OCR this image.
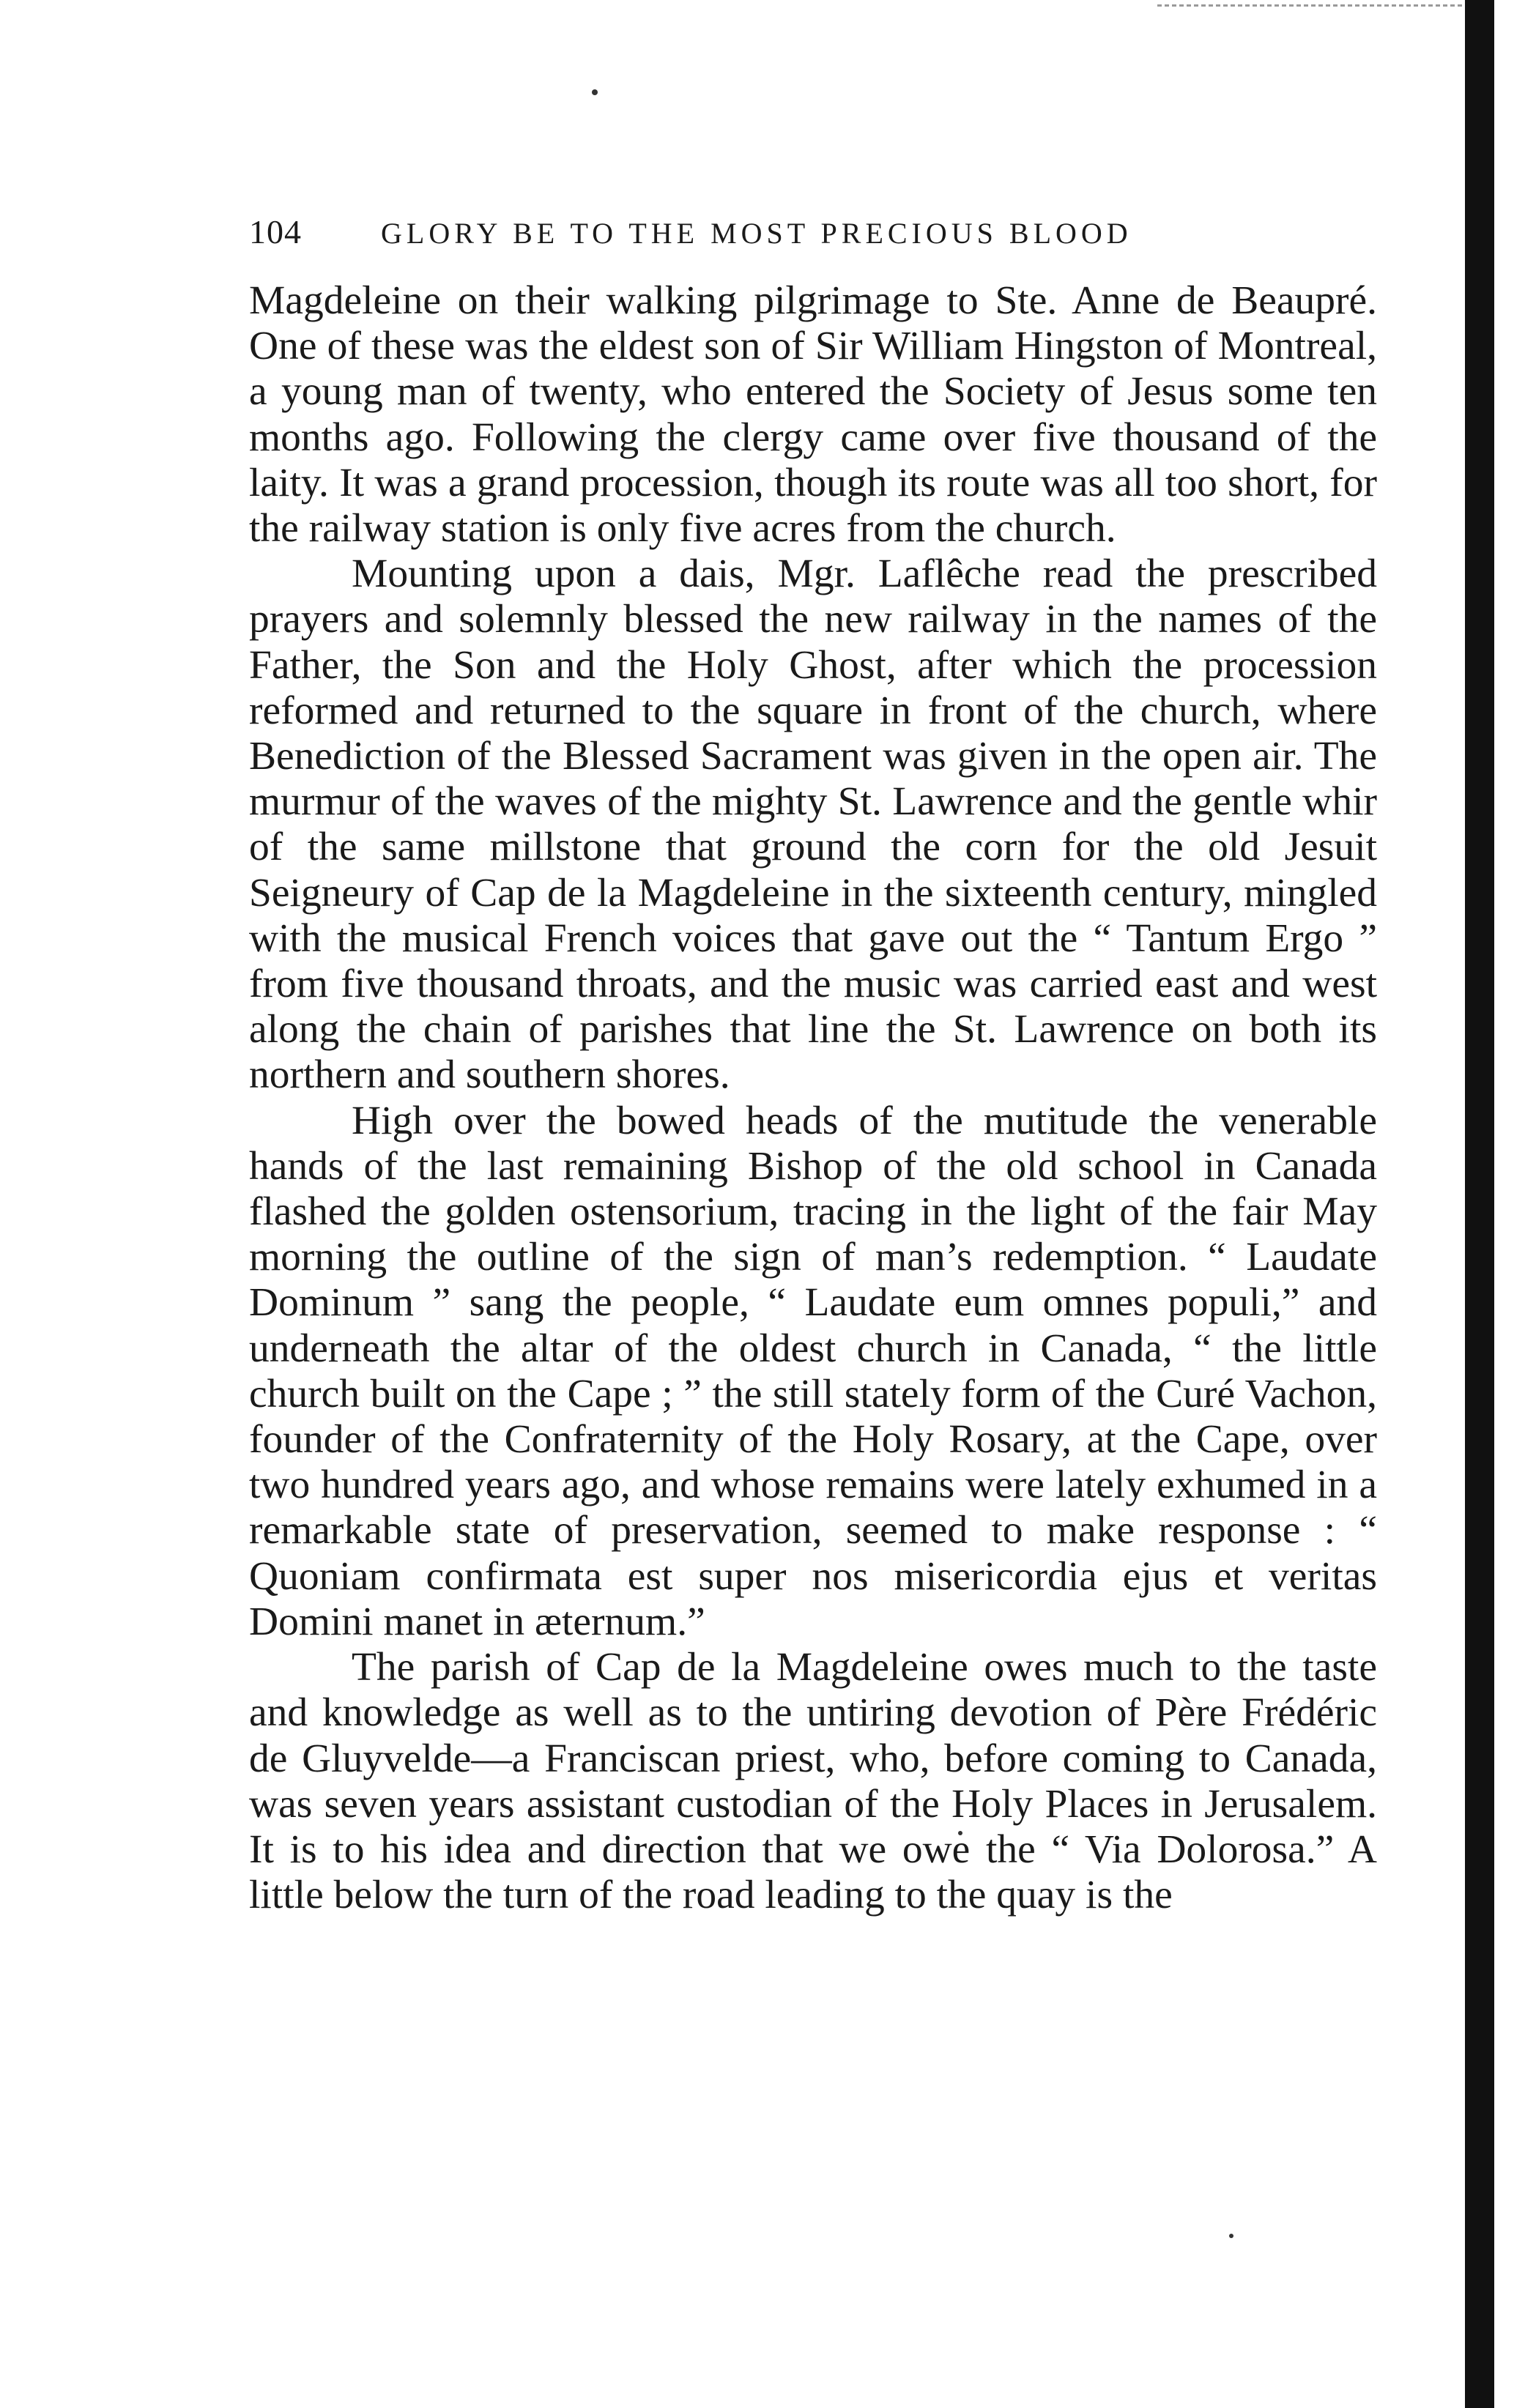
104	GLORY BE TO THE MOST PRECIOUS BLOOD

Magdeleine on their walking pilgrimage to Ste. Anne de Beaupré. One of these was the eldest son of Sir William Hingston of Montreal, a young man of twenty, who entered the Society of Jesus some ten months ago. Following the clergy came over five thousand of the laity. It was a grand procession, though its route was all too short, for the railway station is only five acres from the church.

Mounting upon a dais, Mgr. Laflêche read the prescribed prayers and solemnly blessed the new railway in the names of the Father, the Son and the Holy Ghost, after which the procession reformed and returned to the square in front of the church, where Benediction of the Blessed Sacrament was given in the open air. The murmur of the waves of the mighty St. Lawrence and the gentle whir of the same millstone that ground the corn for the old Jesuit Seigneury of Cap de la Magdeleine in the sixteenth century, mingled with the musical French voices that gave out the “ Tantum Ergo ” from five thousand throats, and the music was carried east and west along the chain of parishes that line the St. Lawrence on both its northern and southern shores.

High over the bowed heads of the mutitude the venerable hands of the last remaining Bishop of the old school in Canada flashed the golden ostensorium, tracing in the light of the fair May morning the outline of the sign of man’s redemption. “ Laudate Dominum ” sang the people, “ Laudate eum omnes populi,” and underneath the altar of the oldest church in Canada, “ the little church built on the Cape ; ” the still stately form of the Curé Vachon, founder of the Confraternity of the Holy Rosary, at the Cape, over two hundred years ago, and whose remains were lately exhumed in a remarkable state of preservation, seemed to make response : “ Quoniam confirmata est super nos misericordia ejus et veritas Domini manet in æternum.”

The parish of Cap de la Magdeleine owes much to the taste and knowledge as well as to the untiring devotion of Père Frédéric de Gluyvelde—a Franciscan priest, who, before coming to Canada, was seven years assistant custodian of the Holy Places in Jerusalem. It is to his idea and direction that we owe the “ Via Dolorosa.” A little below the turn of the road leading to the quay is the
